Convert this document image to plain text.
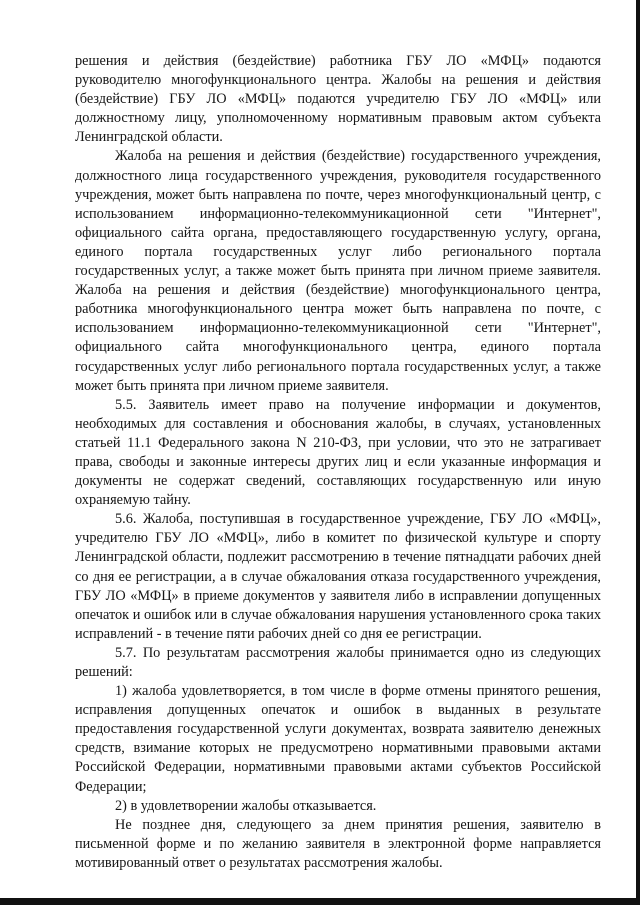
решения и действия (бездействие) работника ГБУ ЛО «МФЦ» подаются руководителю многофункционального центра. Жалобы на решения и действия (бездействие) ГБУ ЛО «МФЦ» подаются учредителю ГБУ ЛО «МФЦ» или должностному лицу, уполномоченному нормативным правовым актом субъекта Ленинградской области.

Жалоба на решения и действия (бездействие) государственного учреждения, должностного лица государственного учреждения, руководителя государственного учреждения, может быть направлена по почте, через многофункциональный центр, с использованием информационно-телекоммуникационной сети "Интернет", официального сайта органа, предоставляющего государственную услугу, органа, единого портала государственных услуг либо регионального портала государственных услуг, а также может быть принята при личном приеме заявителя. Жалоба на решения и действия (бездействие) многофункционального центра, работника многофункционального центра может быть направлена по почте, с использованием информационно-телекоммуникационной сети "Интернет", официального сайта многофункционального центра, единого портала государственных услуг либо регионального портала государственных услуг, а также может быть принята при личном приеме заявителя.

5.5. Заявитель имеет право на получение информации и документов, необходимых для составления и обоснования жалобы, в случаях, установленных статьей 11.1 Федерального закона N 210-ФЗ, при условии, что это не затрагивает права, свободы и законные интересы других лиц и если указанные информация и документы не содержат сведений, составляющих государственную или иную охраняемую тайну.

5.6. Жалоба, поступившая в государственное учреждение, ГБУ ЛО «МФЦ», учредителю ГБУ ЛО «МФЦ», либо в комитет по физической культуре и спорту Ленинградской области, подлежит рассмотрению в течение пятнадцати рабочих дней со дня ее регистрации, а в случае обжалования отказа государственного учреждения, ГБУ ЛО «МФЦ» в приеме документов у заявителя либо в исправлении допущенных опечаток и ошибок или в случае обжалования нарушения установленного срока таких исправлений - в течение пяти рабочих дней со дня ее регистрации.

5.7. По результатам рассмотрения жалобы принимается одно из следующих решений:

1) жалоба удовлетворяется, в том числе в форме отмены принятого решения, исправления допущенных опечаток и ошибок в выданных в результате предоставления государственной услуги документах, возврата заявителю денежных средств, взимание которых не предусмотрено нормативными правовыми актами Российской Федерации, нормативными правовыми актами субъектов Российской Федерации;

2) в удовлетворении жалобы отказывается.

Не позднее дня, следующего за днем принятия решения, заявителю в письменной форме и по желанию заявителя в электронной форме направляется мотивированный ответ о результатах рассмотрения жалобы.
